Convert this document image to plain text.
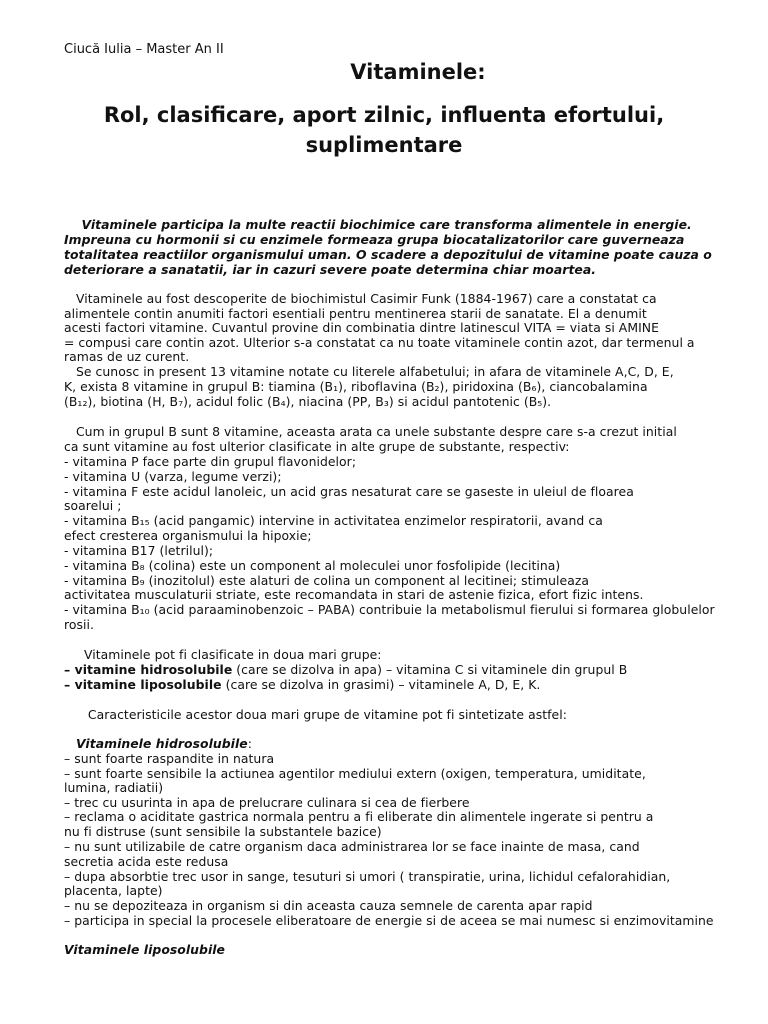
Ciucă Iulia – Master An II
Vitaminele:
Rol, clasificare, aport zilnic, influenta efortului,
suplimentare
Vitaminele participa la multe reactii biochimice care transforma alimentele in energie.
Impreuna cu hormonii si cu enzimele formeaza grupa biocatalizatorilor care guverneaza
totalitatea reactiilor organismului uman. O scadere a depozitului de vitamine poate cauza o
deteriorare a sanatatii, iar in cazuri severe poate determina chiar moartea.
Vitaminele au fost descoperite de biochimistul Casimir Funk (1884-1967) care a constatat ca
alimentele contin anumiti factori esentiali pentru mentinerea starii de sanatate. El a denumit
acesti factori vitamine. Cuvantul provine din combinatia dintre latinescul VITA = viata si AMINE
= compusi care contin azot. Ulterior s-a constatat ca nu toate vitaminele contin azot, dar termenul a
ramas de uz curent.
Se cunosc in present 13 vitamine notate cu literele alfabetului; in afara de vitaminele A,C, D, E,
K, exista 8 vitamine in grupul B: tiamina (B₁), riboflavina (B₂), piridoxina (B₆), ciancobalamina
(B₁₂), biotina (H, B₇), acidul folic (B₄), niacina (PP, B₃) si acidul pantotenic (B₅).
Cum in grupul B sunt 8 vitamine, aceasta arata ca unele substante despre care s-a crezut initial
ca sunt vitamine au fost ulterior clasificate in alte grupe de substante, respectiv:
- vitamina P face parte din grupul flavonidelor;
- vitamina U (varza, legume verzi);
- vitamina F este acidul lanoleic, un acid gras nesaturat care se gaseste in uleiul de floarea
soarelui ;
- vitamina B₁₅ (acid pangamic) intervine in activitatea enzimelor respiratorii, avand ca
efect cresterea organismului la hipoxie;
- vitamina B17 (letrilul);
- vitamina B₈ (colina) este un component al moleculei unor fosfolipide (lecitina)
- vitamina B₉ (inozitolul) este alaturi de colina un component al lecitinei; stimuleaza
activitatea musculaturii striate, este recomandata in stari de astenie fizica, efort fizic intens.
- vitamina B₁₀ (acid paraaminobenzoic – PABA) contribuie la metabolismul fierului si formarea globulelor
rosii.
Vitaminele pot fi clasificate in doua mari grupe:
– vitamine hidrosolubile (care se dizolva in apa) – vitamina C si vitaminele din grupul B
– vitamine liposolubile (care se dizolva in grasimi) – vitaminele A, D, E, K.
Caracteristicile acestor doua mari grupe de vitamine pot fi sintetizate astfel:
Vitaminele hidrosolubile:
– sunt foarte raspandite in natura
– sunt foarte sensibile la actiunea agentilor mediului extern (oxigen, temperatura, umiditate,
lumina, radiatii)
– trec cu usurinta in apa de prelucrare culinara si cea de fierbere
– reclama o aciditate gastrica normala pentru a fi eliberate din alimentele ingerate si pentru a
nu fi distruse (sunt sensibile la substantele bazice)
– nu sunt utilizabile de catre organism daca administrarea lor se face inainte de masa, cand
secretia acida este redusa
– dupa absorbtie trec usor in sange, tesuturi si umori ( transpiratie, urina, lichidul cefalorahidian,
placenta, lapte)
– nu se depoziteaza in organism si din aceasta cauza semnele de carenta apar rapid
– participa in special la procesele eliberatoare de energie si de aceea se mai numesc si enzimovitamine
Vitaminele liposolubile
